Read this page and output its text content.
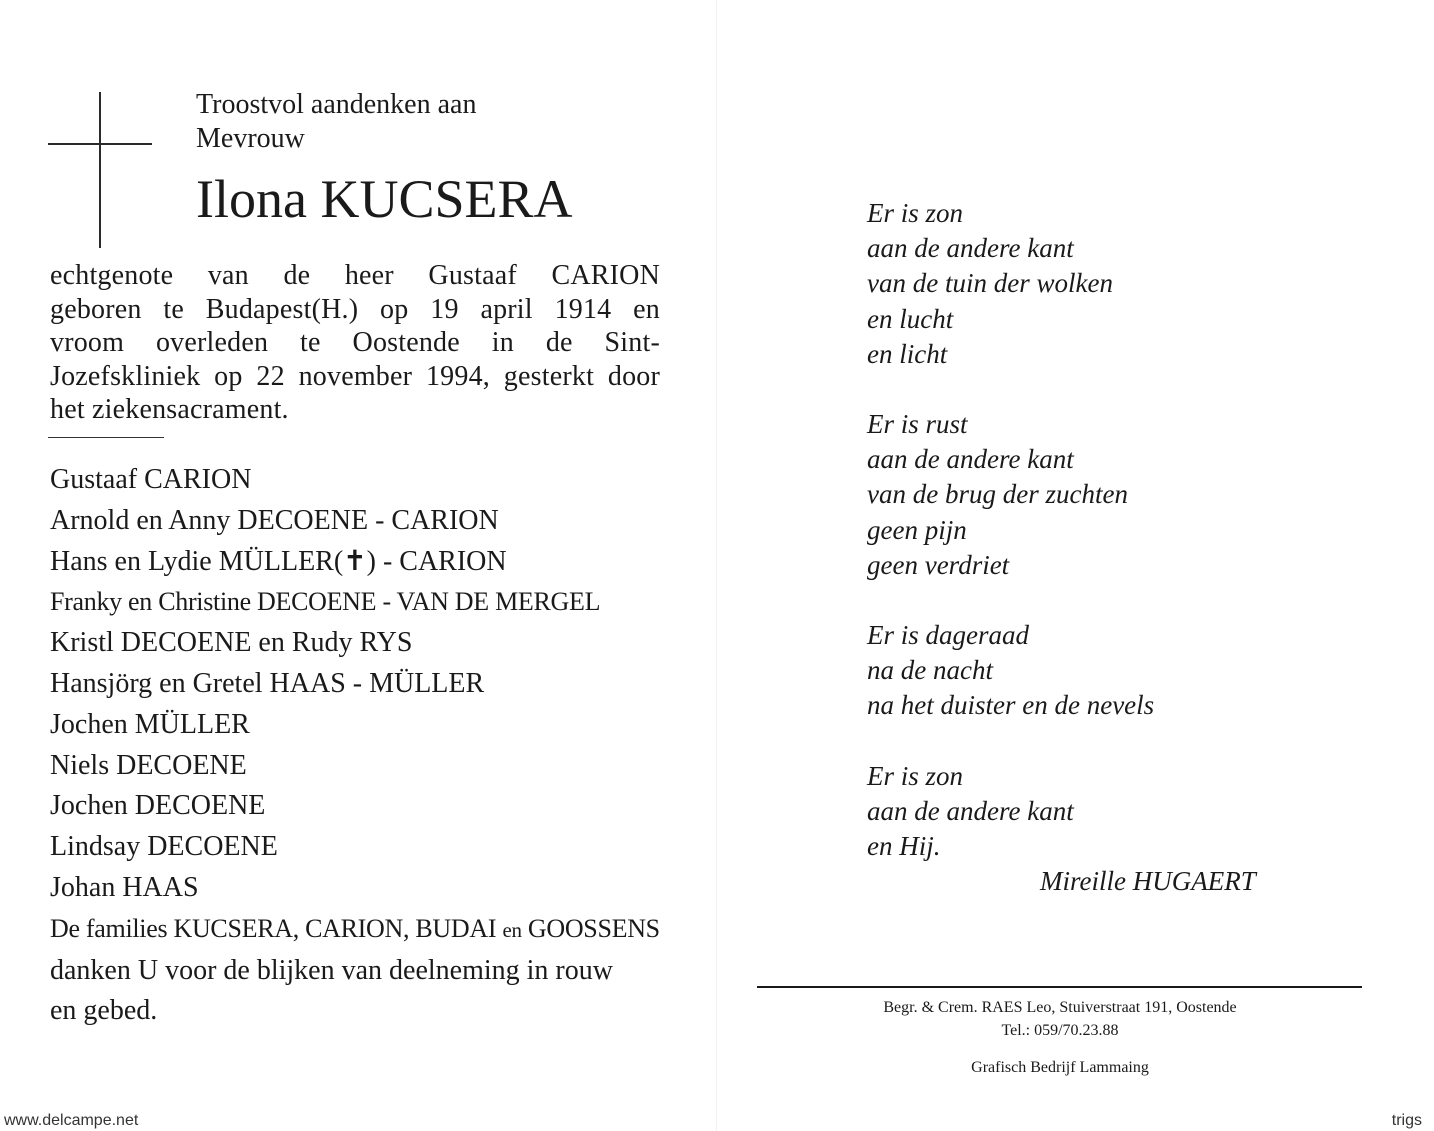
Troostvol aandenken aan
Mevrouw
Ilona KUCSERA
echtgenote van de heer Gustaaf CARION
geboren te Budapest(H.) op 19 april 1914 en
vroom overleden te Oostende in de Sint-
Jozefskliniek op 22 november 1994, gesterkt door
het ziekensacrament.
Gustaaf CARION
Arnold en Anny DECOENE - CARION
Hans en Lydie MÜLLER(✝) - CARION
Franky en Christine DECOENE - VAN DE MERGEL
Kristl DECOENE en Rudy RYS
Hansjörg en Gretel HAAS - MÜLLER
Jochen MÜLLER
Niels DECOENE
Jochen DECOENE
Lindsay DECOENE
Johan HAAS
De families KUCSERA, CARION, BUDAI en GOOSSENS
danken U voor de blijken van deelneming in rouw
en gebed.
Er is zon
aan de andere kant
van de tuin der wolken
en lucht
en licht
Er is rust
aan de andere kant
van de brug der zuchten
geen pijn
geen verdriet
Er is dageraad
na de nacht
na het duister en de nevels
Er is zon
aan de andere kant
en Hij.
Mireille HUGAERT
Begr. & Crem. RAES Leo, Stuiverstraat 191, Oostende
Tel.: 059/70.23.88
Grafisch Bedrijf Lammaing
www.delcampe.net	trigs
